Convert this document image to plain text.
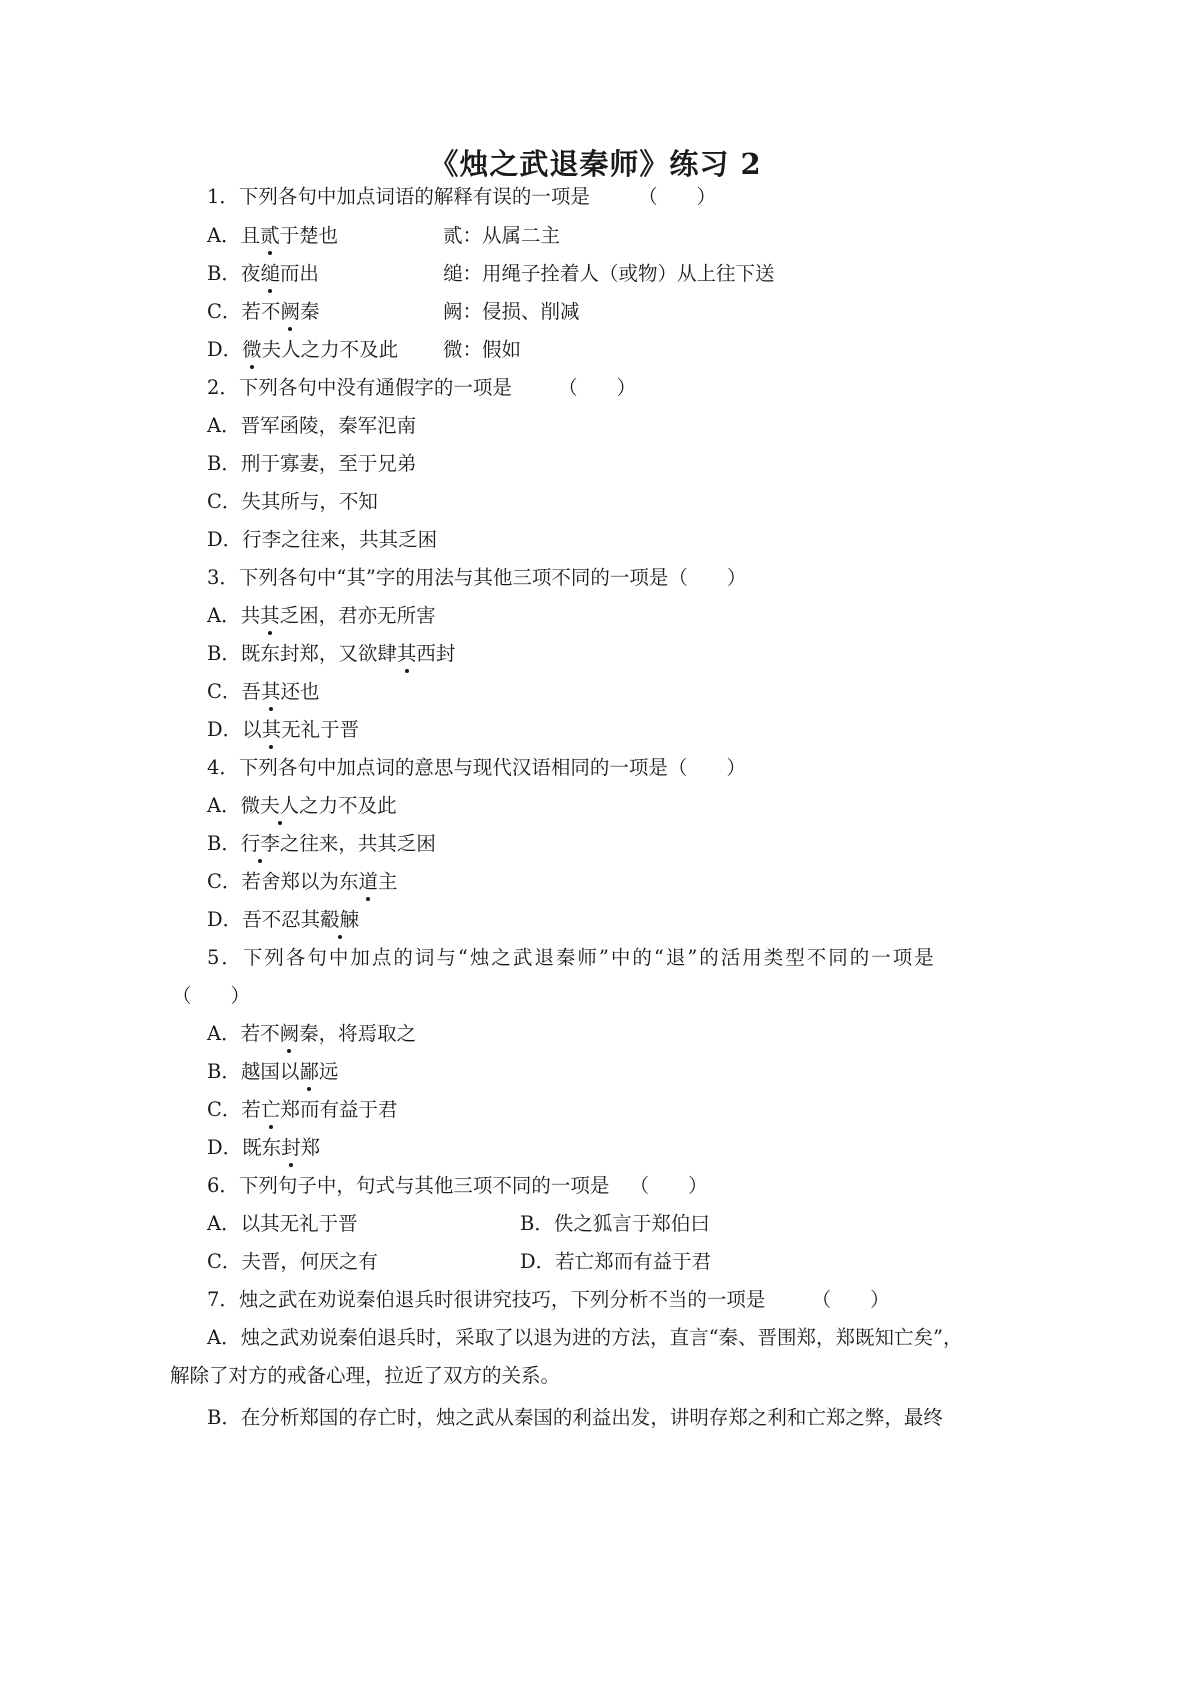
《烛之武退秦师》练习 2
1．下列各句中加点词语的解释有误的一项是 （　　）
A．且贰于楚也	贰：从属二主
B．夜缒而出	缒：用绳子拴着人（或物）从上往下送
C．若不阙秦	阙：侵损、削减
D．微夫人之力不及此 微：假如
2．下列各句中没有通假字的一项是 （　　）
A．晋军函陵，秦军氾南
B．刑于寡妻，至于兄弟
C．失其所与，不知
D．行李之往来，共其乏困
3．下列各句中“其”字的用法与其他三项不同的一项是（　　）
A．共其乏困，君亦无所害
B．既东封郑，又欲肆其西封
C．吾其还也
D．以其无礼于晋
4．下列各句中加点词的意思与现代汉语相同的一项是（　　）
A．微夫人之力不及此
B．行李之往来，共其乏困
C．若舍郑以为东道主
D．吾不忍其觳觫
5．下列各句中加点的词与“烛之武退秦师”中的“退”的活用类型不同的一项是
（　　）
A．若不阙秦，将焉取之
B．越国以鄙远
C．若亡郑而有益于君
D．既东封郑
6．下列句子中，句式与其他三项不同的一项是 （　　）
A．以其无礼于晋	B．佚之狐言于郑伯曰
C．夫晋，何厌之有	D．若亡郑而有益于君
7．烛之武在劝说秦伯退兵时很讲究技巧，下列分析不当的一项是 （　　）
A．烛之武劝说秦伯退兵时，采取了以退为进的方法，直言“秦、晋围郑，郑既知亡矣”，
解除了对方的戒备心理，拉近了双方的关系。
B．在分析郑国的存亡时，烛之武从秦国的利益出发，讲明存郑之利和亡郑之弊，最终
